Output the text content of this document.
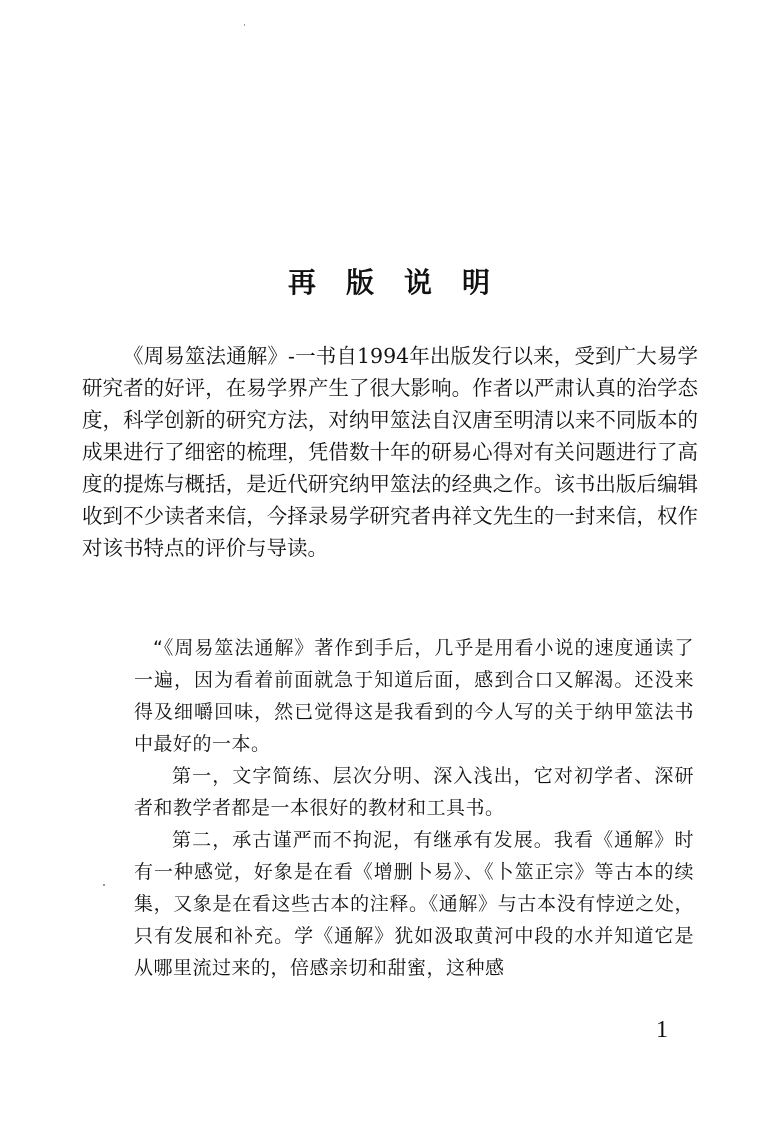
再版说明

《周易筮法通解》-一书自1994年出版发行以来，受到广大易学研究者的好评，在易学界产生了很大影响。作者以严肃认真的治学态度，科学创新的研究方法，对纳甲筮法自汉唐至明清以来不同版本的成果进行了细密的梳理，凭借数十年的研易心得对有关问题进行了高度的提炼与概括，是近代研究纳甲筮法的经典之作。该书出版后编辑收到不少读者来信，今择录易学研究者冉祥文先生的一封来信，权作对该书特点的评价与导读。

“《周易筮法通解》著作到手后，几乎是用看小说的速度通读了一遍，因为看着前面就急于知道后面，感到合口又解渴。还没来得及细嚼回味，然已觉得这是我看到的今人写的关于纳甲筮法书中最好的一本。

第一，文字简练、层次分明、深入浅出，它对初学者、深研者和教学者都是一本很好的教材和工具书。

第二，承古谨严而不拘泥，有继承有发展。我看《通解》时有一种感觉，好象是在看《增删卜易》、《卜筮正宗》等古本的续集，又象是在看这些古本的注释。《通解》与古本没有悖逆之处，只有发展和补充。学《通解》犹如汲取黄河中段的水并知道它是从哪里流过来的，倍感亲切和甜蜜，这种感

1
